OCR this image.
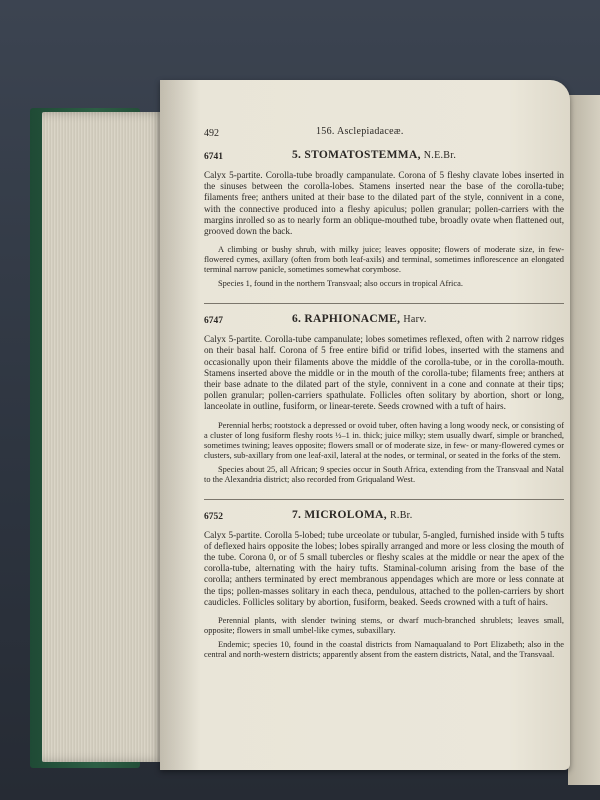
492	156. Asclepiadaceæ.
6741	5. STOMATOSTEMMA, N.E.Br.

Calyx 5-partite. Corolla-tube broadly campanulate. Corona of 5 fleshy clavate lobes inserted in the sinuses between the corolla-lobes. Stamens inserted near the base of the corolla-tube; filaments free; anthers united at their base to the dilated part of the style, connivent in a cone, with the connective produced into a fleshy apiculus; pollen granular; pollen-carriers with the margins inrolled so as to nearly form an oblique-mouthed tube, broadly ovate when flattened out, grooved down the back.

A climbing or bushy shrub, with milky juice; leaves opposite; flowers of moderate size, in few-flowered cymes, axillary (often from both leaf-axils) and terminal, sometimes inflorescence an elongated terminal narrow panicle, sometimes somewhat corymbose.

Species 1, found in the northern Transvaal; also occurs in tropical Africa.

6747	6. RAPHIONACME, Harv.

Calyx 5-partite. Corolla-tube campanulate; lobes sometimes reflexed, often with 2 narrow ridges on their basal half. Corona of 5 free entire bifid or trifid lobes, inserted with the stamens and occasionally upon their filaments above the middle of the corolla-tube, or in the corolla-mouth. Stamens inserted above the middle or in the mouth of the corolla-tube; filaments free; anthers at their base adnate to the dilated part of the style, connivent in a cone and connate at their tips; pollen granular; pollen-carriers spathulate. Follicles often solitary by abortion, short or long, lanceolate in outline, fusiform, or linear-terete. Seeds crowned with a tuft of hairs.

Perennial herbs; rootstock a depressed or ovoid tuber, often having a long woody neck, or consisting of a cluster of long fusiform fleshy roots ½–1 in. thick; juice milky; stem usually dwarf, simple or branched, sometimes twining; leaves opposite; flowers small or of moderate size, in few- or many-flowered cymes or clusters, sub-axillary from one leaf-axil, lateral at the nodes, or terminal, or seated in the forks of the stem.

Species about 25, all African; 9 species occur in South Africa, extending from the Transvaal and Natal to the Alexandria district; also recorded from Griqualand West.

6752	7. MICROLOMA, R.Br.

Calyx 5-partite. Corolla 5-lobed; tube urceolate or tubular, 5-angled, furnished inside with 5 tufts of deflexed hairs opposite the lobes; lobes spirally arranged and more or less closing the mouth of the tube. Corona 0, or of 5 small tubercles or fleshy scales at the middle or near the apex of the corolla-tube, alternating with the hairy tufts. Staminal-column arising from the base of the corolla; anthers terminated by erect membranous appendages which are more or less connate at the tips; pollen-masses solitary in each theca, pendulous, attached to the pollen-carriers by short caudicles. Follicles solitary by abortion, fusiform, beaked. Seeds crowned with a tuft of hairs.

Perennial plants, with slender twining stems, or dwarf much-branched shrublets; leaves small, opposite; flowers in small umbel-like cymes, subaxillary.

Endemic; species 10, found in the coastal districts from Namaqualand to Port Elizabeth; also in the central and north-western districts; apparently absent from the eastern districts, Natal, and the Transvaal.
